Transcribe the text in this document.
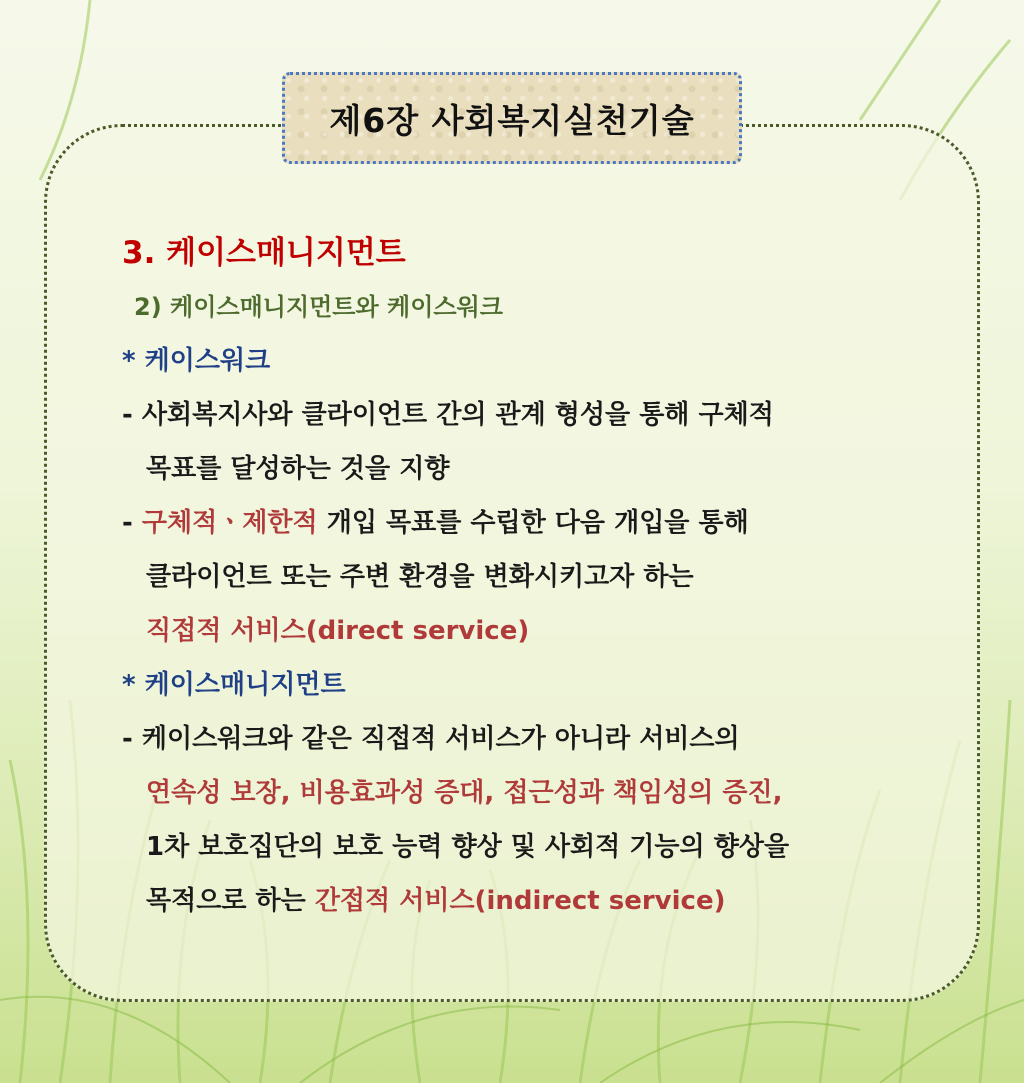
제6장 사회복지실천기술
3. 케이스매니지먼트
2) 케이스매니지먼트와 케이스워크
* 케이스워크
- 사회복지사와 클라이언트 간의 관계 형성을 통해 구체적
목표를 달성하는 것을 지향
- 구체적ㆍ제한적 개입 목표를 수립한 다음 개입을 통해
클라이언트 또는 주변 환경을 변화시키고자 하는
직접적 서비스(direct service)
* 케이스매니지먼트
- 케이스워크와 같은 직접적 서비스가 아니라 서비스의
연속성 보장, 비용효과성 증대, 접근성과 책임성의 증진,
1차 보호집단의 보호 능력 향상 및 사회적 기능의 향상을
목적으로 하는 간접적 서비스(indirect service)
